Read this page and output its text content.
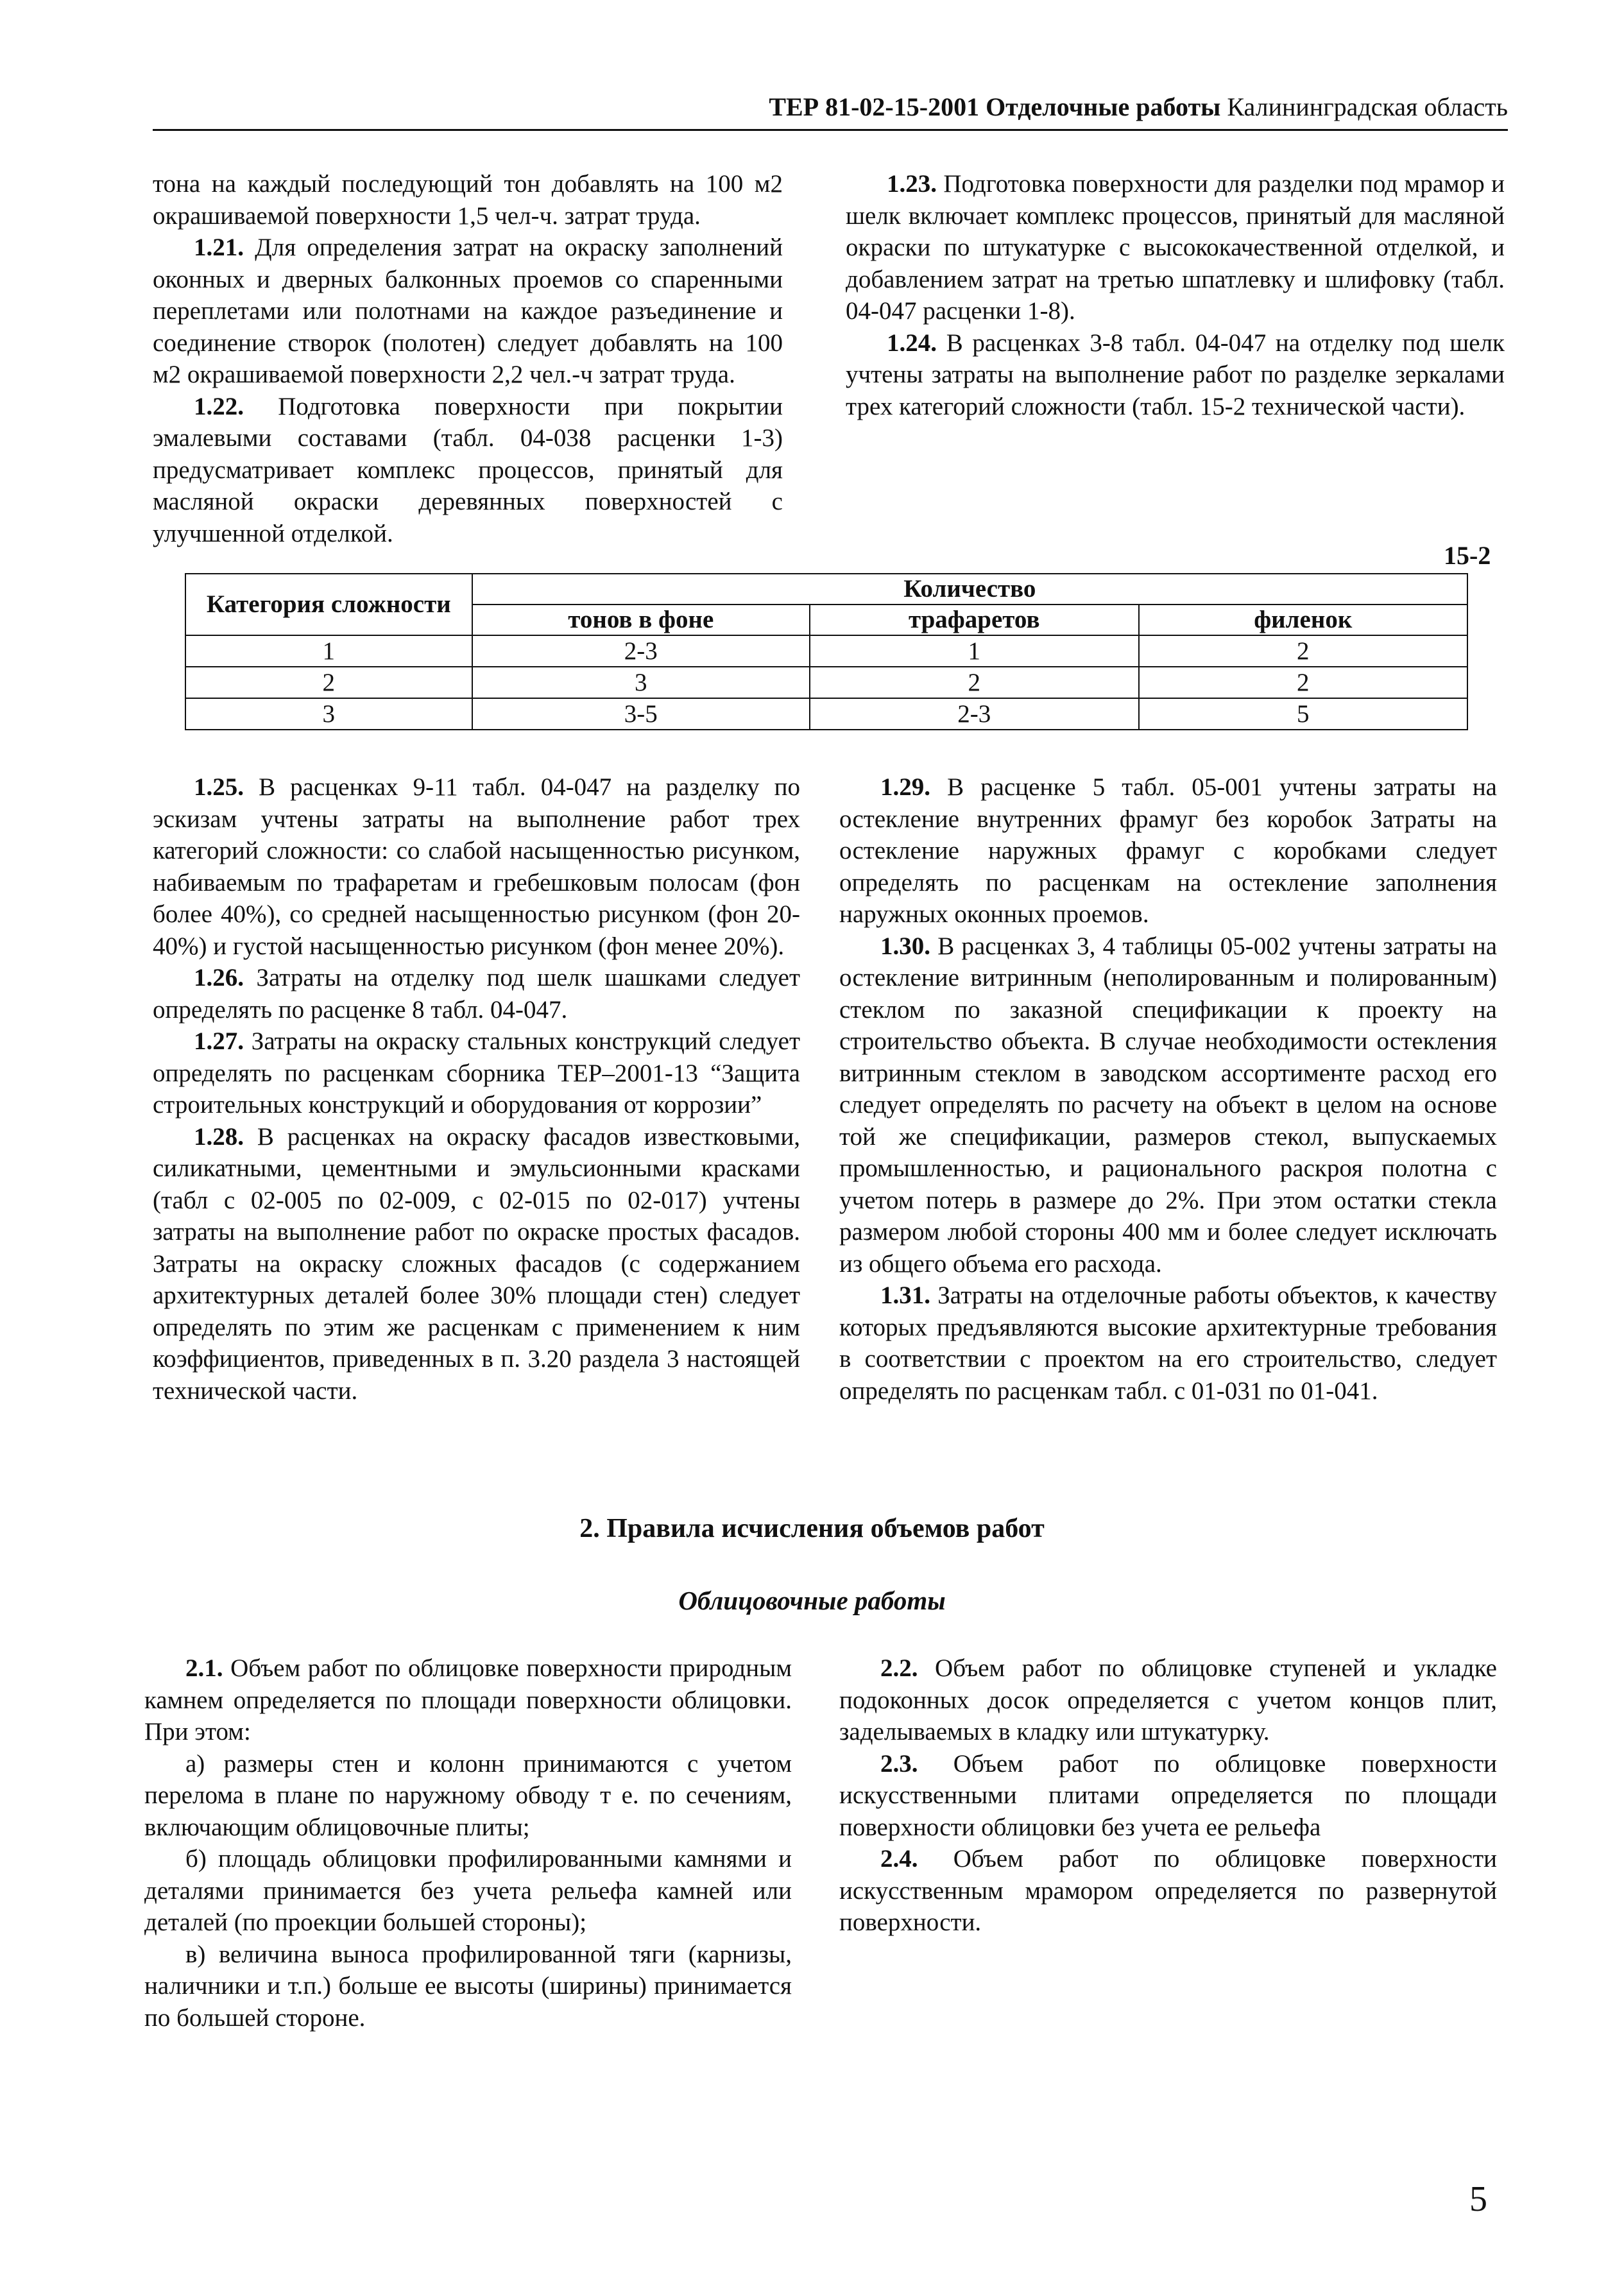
ТЕР 81-02-15-2001 Отделочные работы Калининградская область

тона на каждый последующий тон добавлять на 100 м2 окрашиваемой поверхности 1,5 чел-ч. затрат труда.

1.21. Для определения затрат на окраску заполнений оконных и дверных балконных проемов со спаренными переплетами или полотнами на каждое разъединение и соединение створок (полотен) следует добавлять на 100 м2 окрашиваемой поверхности 2,2 чел.-ч затрат труда.

1.22. Подготовка поверхности при покрытии эмалевыми составами (табл. 04-038 расценки 1-3) предусматривает комплекс процессов, принятый для масляной окраски деревянных поверхностей с улучшенной отделкой.

1.23. Подготовка поверхности для разделки под мрамор и шелк включает комплекс процессов, принятый для масляной окраски по штукатурке с высококачественной отделкой, и добавлением затрат на третью шпатлевку и шлифовку (табл. 04-047 расценки 1-8).

1.24. В расценках 3-8 табл. 04-047 на отделку под шелк учтены затраты на выполнение работ по разделке зеркалами трех категорий сложности (табл. 15-2 технической части).

15-2
Категория сложности	Количество		
	тонов в фоне	трафаретов	филенок
1	2-3	1	2
2	3	2	2
3	3-5	2-3	5

1.25. В расценках 9-11 табл. 04-047 на разделку по эскизам учтены затраты на выполнение работ трех категорий сложности: со слабой насыщенностью рисунком, набиваемым по трафаретам и гребешковым полосам (фон более 40%), со средней насыщенностью рисунком (фон 20-40%) и густой насыщенностью рисунком (фон менее 20%).

1.26. Затраты на отделку под шелк шашками следует определять по расценке 8 табл. 04-047.

1.27. Затраты на окраску стальных конструкций следует определять по расценкам сборника ТЕР–2001-13 “Защита строительных конструкций и оборудования от коррозии”

1.28. В расценках на окраску фасадов известковыми, силикатными, цементными и эмульсионными красками (табл с 02-005 по 02-009, с 02-015 по 02-017) учтены затраты на выполнение работ по окраске простых фасадов. Затраты на окраску сложных фасадов (с содержанием архитектурных деталей более 30% площади стен) следует определять по этим же расценкам с применением к ним коэффициентов, приведенных в п. 3.20 раздела 3 настоящей технической части.

1.29. В расценке 5 табл. 05-001 учтены затраты на остекление внутренних фрамуг без коробок Затраты на остекление наружных фрамуг с коробками следует определять по расценкам на остекление заполнения наружных оконных проемов.

1.30. В расценках 3, 4 таблицы 05-002 учтены затраты на остекление витринным (неполированным и полированным) стеклом по заказной спецификации к проекту на строительство объекта. В случае необходимости остекления витринным стеклом в заводском ассортименте расход его следует определять по расчету на объект в целом на основе той же спецификации, размеров стекол, выпускаемых промышленностью, и рационального раскроя полотна с учетом потерь в размере до 2%. При этом остатки стекла размером любой стороны 400 мм и более следует исключать из общего объема его расхода.

1.31. Затраты на отделочные работы объектов, к качеству которых предъявляются высокие архитектурные требования в соответствии с проектом на его строительство, следует определять по расценкам табл. с 01-031 по 01-041.

2. Правила исчисления объемов работ
Облицовочные работы

2.1. Объем работ по облицовке поверхности природным камнем определяется по площади поверхности облицовки. При этом:

а) размеры стен и колонн принимаются с учетом перелома в плане по наружному обводу т е. по сечениям, включающим облицовочные плиты;

б) площадь облицовки профилированными камнями и деталями принимается без учета рельефа камней или деталей (по проекции большей стороны);

в) величина выноса профилированной тяги (карнизы, наличники и т.п.) больше ее высоты (ширины) принимается по большей стороне.

2.2. Объем работ по облицовке ступеней и укладке подоконных досок определяется с учетом концов плит, заделываемых в кладку или штукатурку.

2.3. Объем работ по облицовке поверхности искусственными плитами определяется по площади поверхности облицовки без учета ее рельефа

2.4. Объем работ по облицовке поверхности искусственным мрамором определяется по развернутой поверхности.

5
